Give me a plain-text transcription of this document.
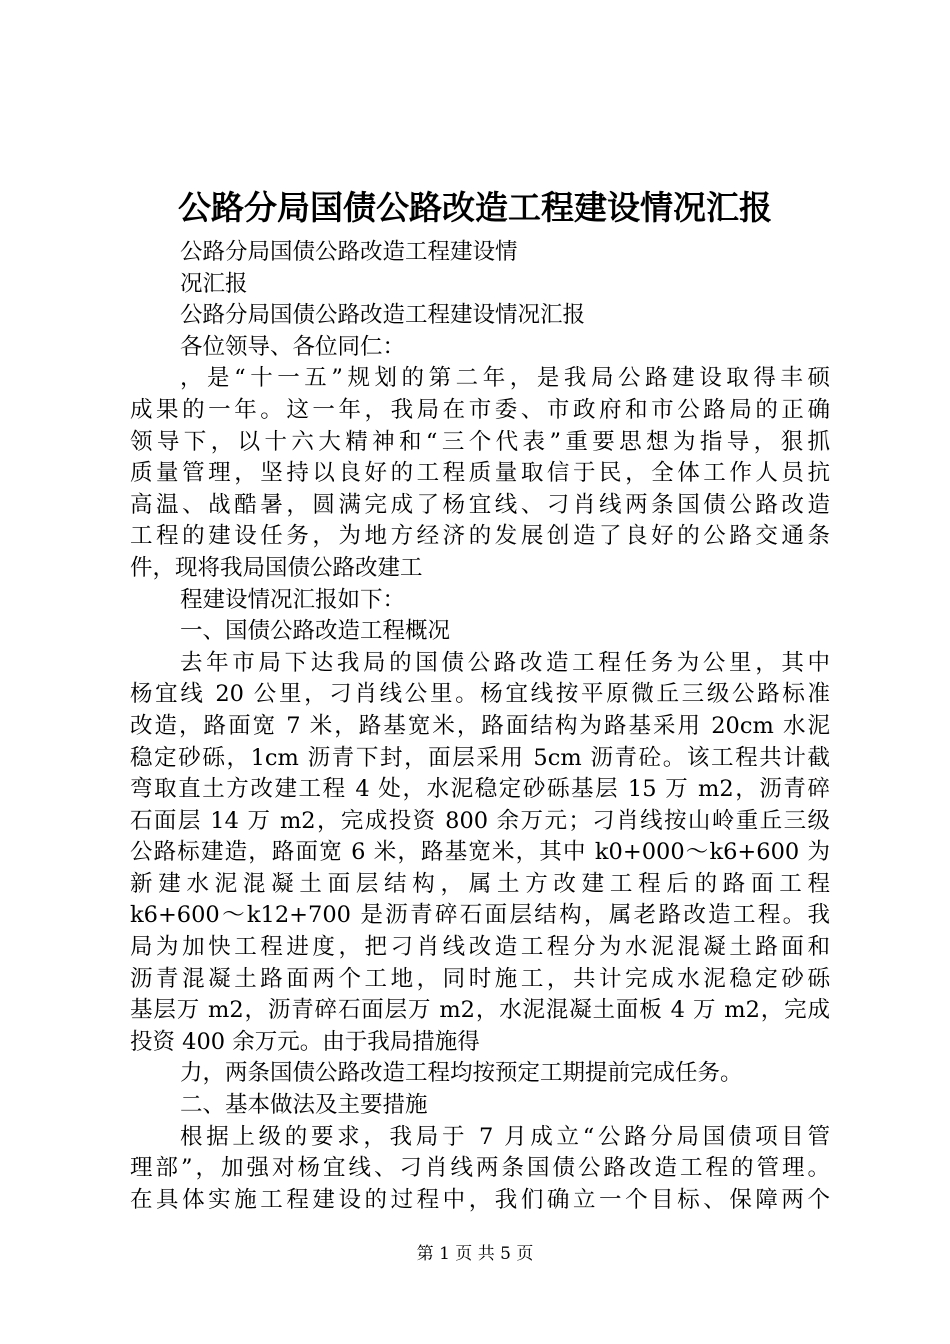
公路分局国债公路改造工程建设情况汇报
公路分局国债公路改造工程建设情
况汇报
公路分局国债公路改造工程建设情况汇报
各位领导、各位同仁：
，是“十一五”规划的第二年，是我局公路建设取得丰硕
成果的一年。这一年，我局在市委、市政府和市公路局的正确
领导下，以十六大精神和“三个代表”重要思想为指导，狠抓
质量管理，坚持以良好的工程质量取信于民，全体工作人员抗
高温、战酷暑，圆满完成了杨宜线、刁肖线两条国债公路改造
工程的建设任务，为地方经济的发展创造了良好的公路交通条
件，现将我局国债公路改建工
程建设情况汇报如下：
一、国债公路改造工程概况
去年市局下达我局的国债公路改造工程任务为公里，其中
杨宜线 20 公里，刁肖线公里。杨宜线按平原微丘三级公路标准
改造，路面宽 7 米，路基宽米，路面结构为路基采用 20cm 水泥
稳定砂砾，1cm 沥青下封，面层采用 5cm 沥青砼。该工程共计截
弯取直土方改建工程 4 处，水泥稳定砂砾基层 15 万 m2，沥青碎
石面层 14 万 m2，完成投资 800 余万元；刁肖线按山岭重丘三级
公路标建造，路面宽 6 米，路基宽米，其中 k0+000～k6+600 为
新建水泥混凝土面层结构，属土方改建工程后的路面工程
k6+600～k12+700 是沥青碎石面层结构，属老路改造工程。我
局为加快工程进度，把刁肖线改造工程分为水泥混凝土路面和
沥青混凝土路面两个工地，同时施工，共计完成水泥稳定砂砾
基层万 m2，沥青碎石面层万 m2，水泥混凝土面板 4 万 m2，完成
投资 400 余万元。由于我局措施得
力，两条国债公路改造工程均按预定工期提前完成任务。
二、基本做法及主要措施
根据上级的要求，我局于 7 月成立“公路分局国债项目管
理部”，加强对杨宜线、刁肖线两条国债公路改造工程的管理。
在具体实施工程建设的过程中，我们确立一个目标、保障两个
第 1 页 共 5 页
